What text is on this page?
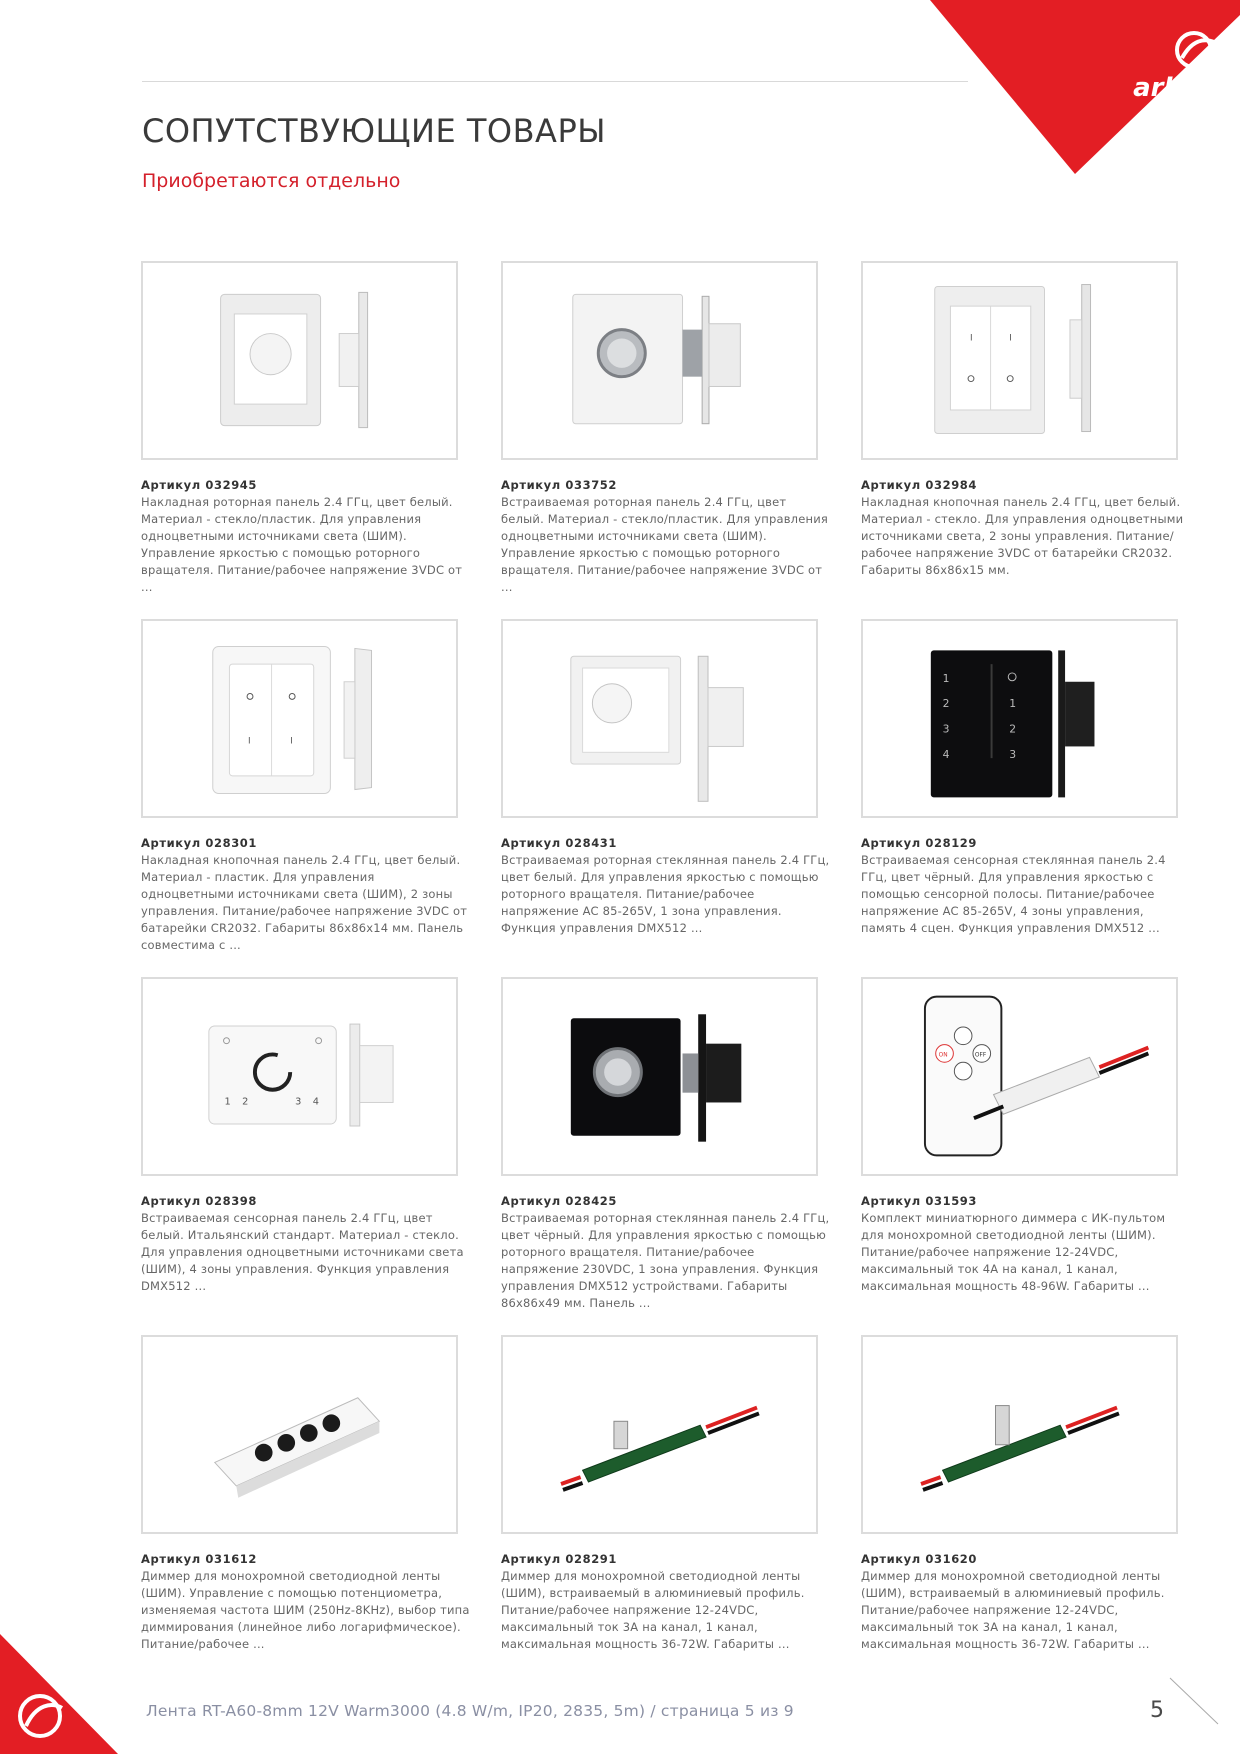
arlight
СОПУТСТВУЮЩИЕ ТОВАРЫ
Приобретаются отдельно
I	I
Артикул 032945

Накладная роторная панель 2.4 ГГц, цвет белый. Материал - стекло/пластик. Для управления одноцветными источниками света (ШИМ). Управление яркостью с помощью роторного вращателя. Питание/рабочее напряжение 3VDC от ...

Артикул 033752

Встраиваемая роторная панель 2.4 ГГц, цвет белый. Материал - стекло/пластик. Для управления одноцветными источниками света (ШИМ). Управление яркостью с помощью роторного вращателя. Питание/рабочее напряжение 3VDC от ...

Артикул 032984

Накладная кнопочная панель 2.4 ГГц, цвет белый. Материал - стекло. Для управления одноцветными источниками света, 2 зоны управления. Питание/рабочее напряжение 3VDC от батарейки CR2032. Габариты 86х86х15 мм.

I	I
1
2
3
4
1
2
3
Артикул 028301

Накладная кнопочная панель 2.4 ГГц, цвет белый. Материал - пластик. Для управления одноцветными источниками света (ШИМ), 2 зоны управления. Питание/рабочее напряжение 3VDC от батарейки CR2032. Габариты 86х86х14 мм. Панель совместима с ...

Артикул 028431

Встраиваемая роторная стеклянная панель 2.4 ГГц, цвет белый. Для управления яркостью с помощью роторного вращателя. Питание/рабочее напряжение AC 85-265V, 1 зона управления. Функция управления DMX512 ...

Артикул 028129

Встраиваемая сенсорная стеклянная панель 2.4 ГГц, цвет чёрный. Для управления яркостью с помощью сенсорной полосы. Питание/рабочее напряжение AC 85-265V, 4 зоны управления, память 4 сцен. Функция управления DMX512 ...

1 2	3 4
ON	OFF
Артикул 028398

Встраиваемая сенсорная панель 2.4 ГГц, цвет белый. Итальянский стандарт. Материал - стекло. Для управления одноцветными источниками света (ШИМ), 4 зоны управления. Функция управления DMX512 ...

Артикул 028425

Встраиваемая роторная стеклянная панель 2.4 ГГц, цвет чёрный. Для управления яркостью с помощью роторного вращателя. Питание/рабочее напряжение 230VDC, 1 зона управления. Функция управления DMX512 устройствами. Габариты 86х86х49 мм. Панель ...

Артикул 031593

Комплект миниатюрного диммера с ИК-пультом для монохромной светодиодной ленты (ШИМ). Питание/рабочее напряжение 12-24VDC, максимальный ток 4A на канал, 1 канал, максимальная мощность 48-96W. Габариты ...

Артикул 031612

Диммер для монохромной светодиодной ленты (ШИМ). Управление с помощью потенциометра, изменяемая частота ШИМ (250Hz-8KHz), выбор типа диммирования (линейное либо логарифмическое). Питание/рабочее ...

Артикул 028291

Диммер для монохромной светодиодной ленты (ШИМ), встраиваемый в алюминиевый профиль. Питание/рабочее напряжение 12-24VDC, максимальный ток 3A на канал, 1 канал, максимальная мощность 36-72W. Габариты ...

Артикул 031620

Диммер для монохромной светодиодной ленты (ШИМ), встраиваемый в алюминиевый профиль. Питание/рабочее напряжение 12-24VDC, максимальный ток 3A на канал, 1 канал, максимальная мощность 36-72W. Габариты ...

Лента RT-A60-8mm 12V Warm3000 (4.8 W/m, IP20, 2835, 5m) / страница 5 из 9	5
